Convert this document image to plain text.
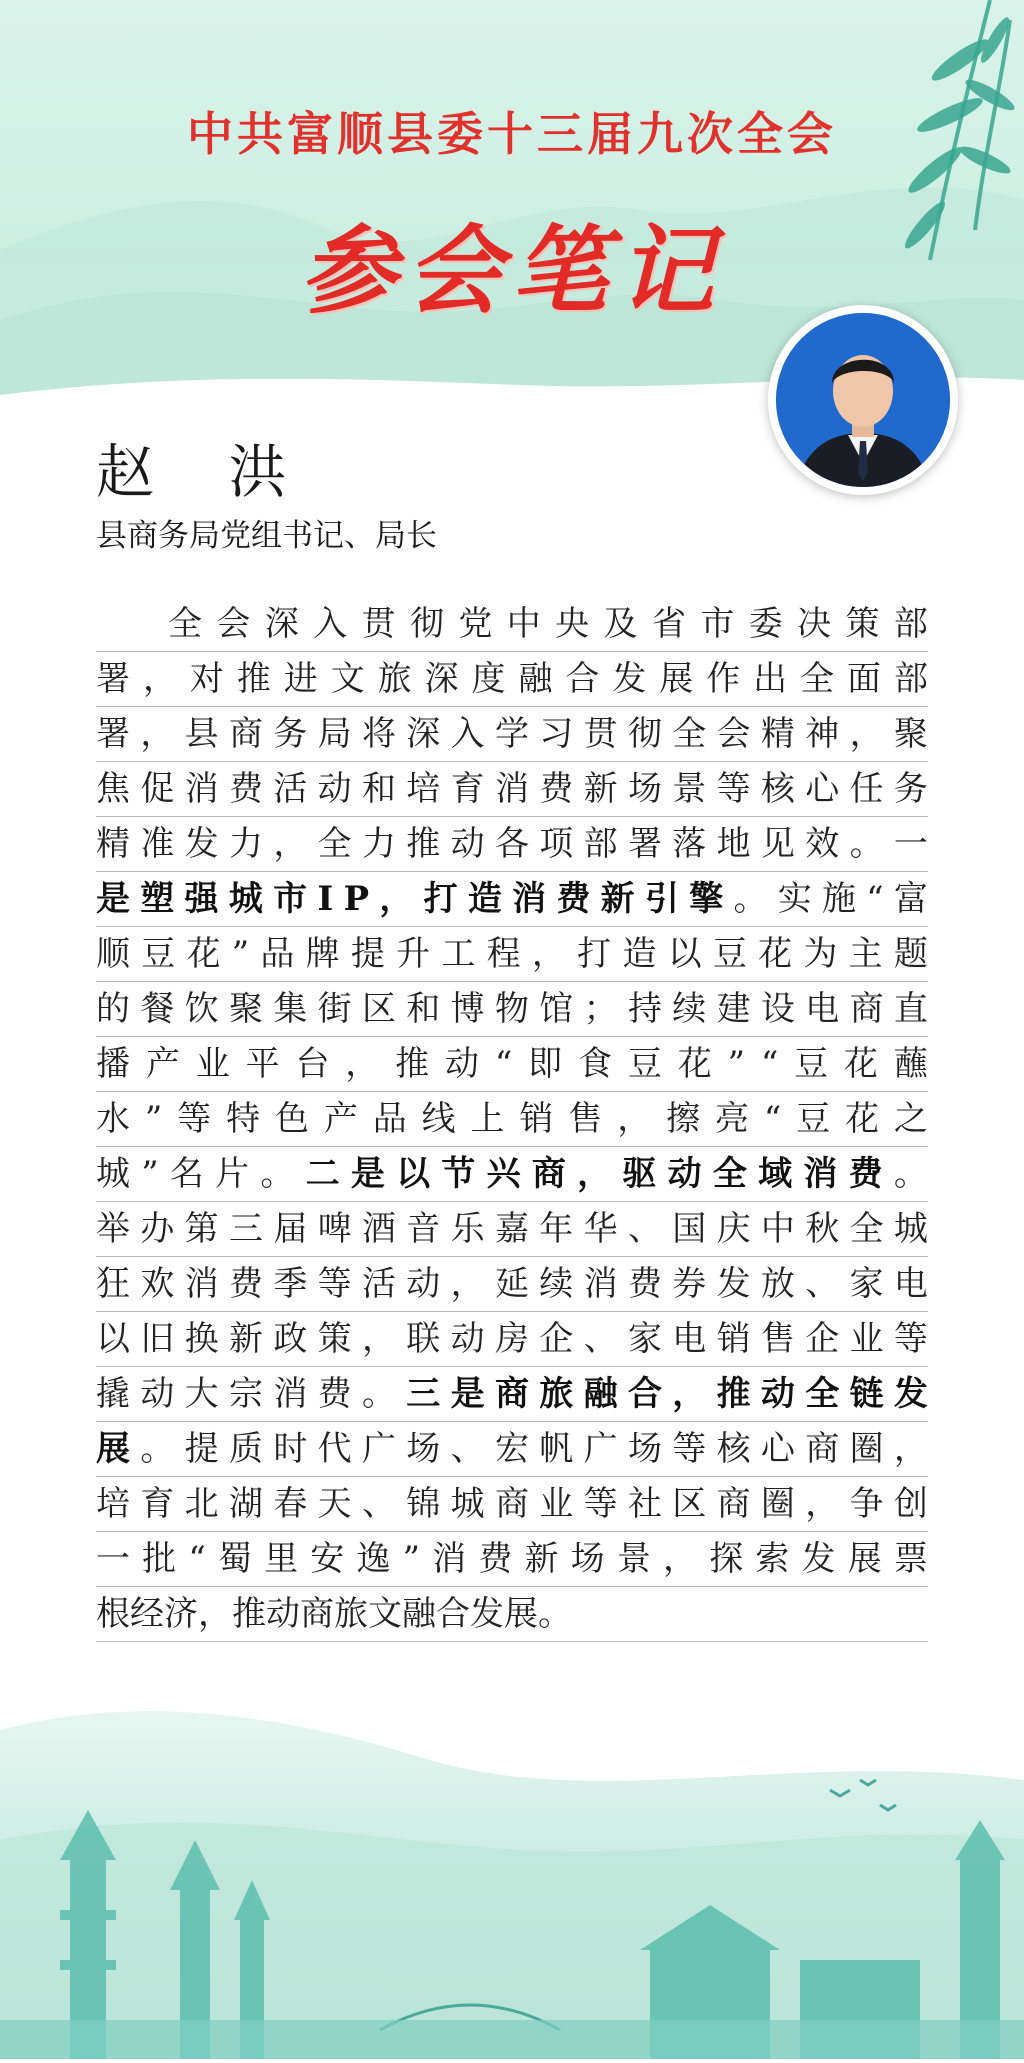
中共富顺县委十三届九次全会
参会笔记
赵 洪
县商务局党组书记、局长

全 会 深 入 贯 彻 党 中 央 及 省 市 委 决 策 部
署 ， 对 推 进 文 旅 深 度 融 合 发 展 作 出 全 面 部
署 ， 县 商 务 局 将 深 入 学 习 贯 彻 全 会 精 神 ， 聚
焦 促 消 费 活 动 和 培 育 消 费 新 场 景 等 核 心 任 务
精 准 发 力 ， 全 力 推 动 各 项 部 署 落 地 见 效 。 一
是 塑 强 城 市 I P ， 打 造 消 费 新 引 擎 。 实 施 “ 富
顺 豆 花 ” 品 牌 提 升 工 程 ， 打 造 以 豆 花 为 主 题
的 餐 饮 聚 集 街 区 和 博 物 馆 ； 持 续 建 设 电 商 直
播 产 业 平 台 ， 推 动 “ 即 食 豆 花 ” “ 豆 花 蘸
水 ” 等 特 色 产 品 线 上 销 售 ， 擦 亮 “ 豆 花 之
城 ” 名 片 。 二 是 以 节 兴 商 ， 驱 动 全 域 消 费 。
举 办 第 三 届 啤 酒 音 乐 嘉 年 华 、 国 庆 中 秋 全 城
狂 欢 消 费 季 等 活 动 ， 延 续 消 费 券 发 放 、 家 电
以 旧 换 新 政 策 ， 联 动 房 企 、 家 电 销 售 企 业 等
撬 动 大 宗 消 费 。 三 是 商 旅 融 合 ， 推 动 全 链 发
展 。 提 质 时 代 广 场 、 宏 帆 广 场 等 核 心 商 圈 ，
培 育 北 湖 春 天 、 锦 城 商 业 等 社 区 商 圈 ， 争 创
一 批 “ 蜀 里 安 逸 ” 消 费 新 场 景 ， 探 索 发 展 票
根 经 济 ， 推 动 商 旅 文 融 合 发 展 。
